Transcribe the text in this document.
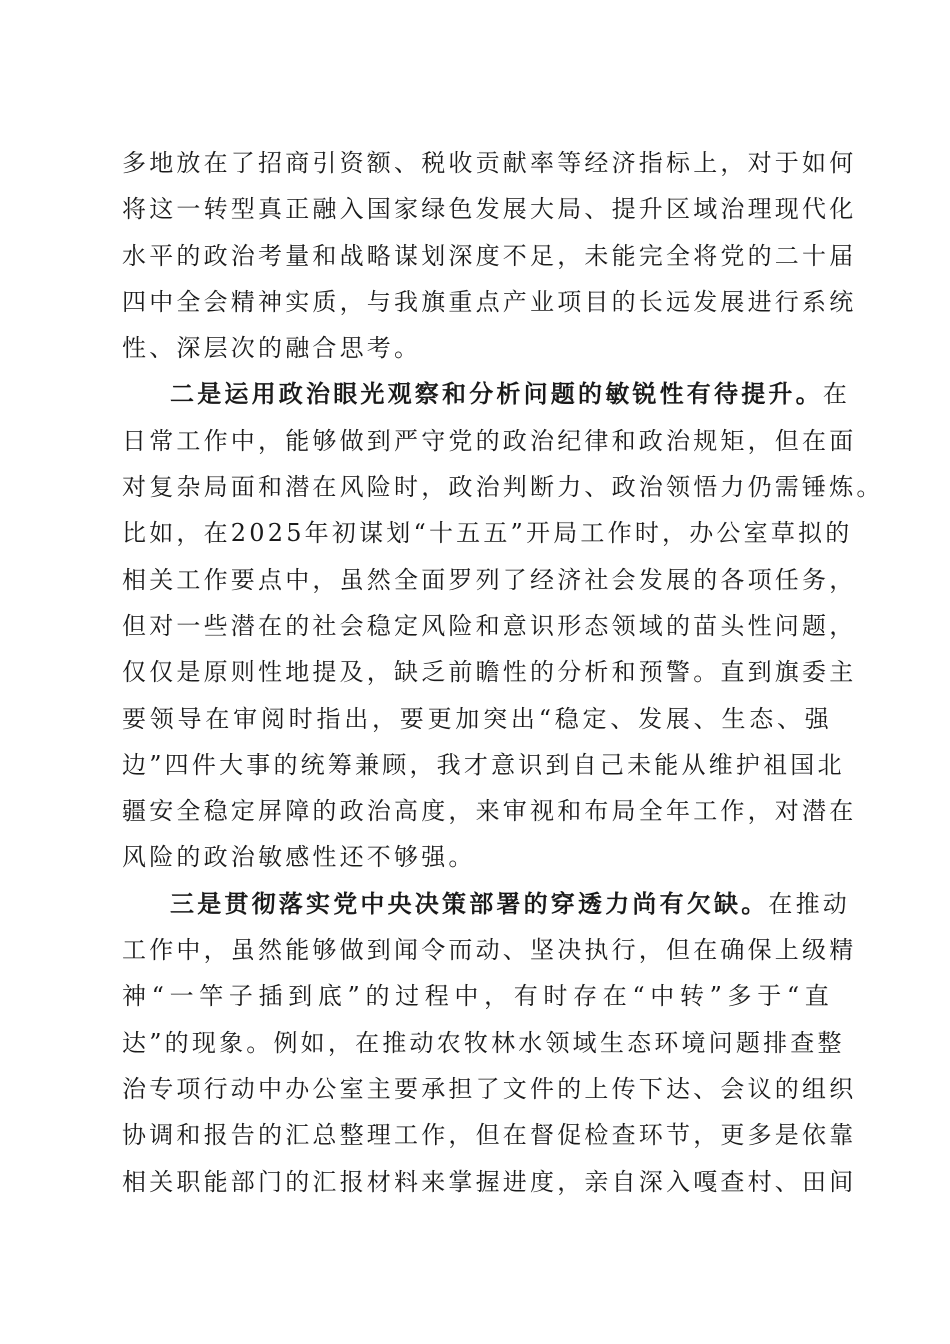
多地放在了招商引资额、税收贡献率等经济指标上，对于如何
将这一转型真正融入国家绿色发展大局、提升区域治理现代化
水平的政治考量和战略谋划深度不足，未能完全将党的二十届
四中全会精神实质，与我旗重点产业项目的长远发展进行系统
性、深层次的融合思考。
二是运用政治眼光观察和分析问题的敏锐性有待提升。在
日常工作中，能够做到严守党的政治纪律和政治规矩，但在面
对复杂局面和潜在风险时，政治判断力、政治领悟力仍需锤炼。
比如，在2025年初谋划“十五五”开局工作时，办公室草拟的
相关工作要点中，虽然全面罗列了经济社会发展的各项任务，
但对一些潜在的社会稳定风险和意识形态领域的苗头性问题，
仅仅是原则性地提及，缺乏前瞻性的分析和预警。直到旗委主
要领导在审阅时指出，要更加突出“稳定、发展、生态、强
边”四件大事的统筹兼顾，我才意识到自己未能从维护祖国北
疆安全稳定屏障的政治高度，来审视和布局全年工作，对潜在
风险的政治敏感性还不够强。
三是贯彻落实党中央决策部署的穿透力尚有欠缺。在推动
工作中，虽然能够做到闻令而动、坚决执行，但在确保上级精
神“一竿子插到底”的过程中，有时存在“中转”多于“直
达”的现象。例如，在推动农牧林水领域生态环境问题排查整
治专项行动中办公室主要承担了文件的上传下达、会议的组织
协调和报告的汇总整理工作，但在督促检查环节，更多是依靠
相关职能部门的汇报材料来掌握进度，亲自深入嘎查村、田间
